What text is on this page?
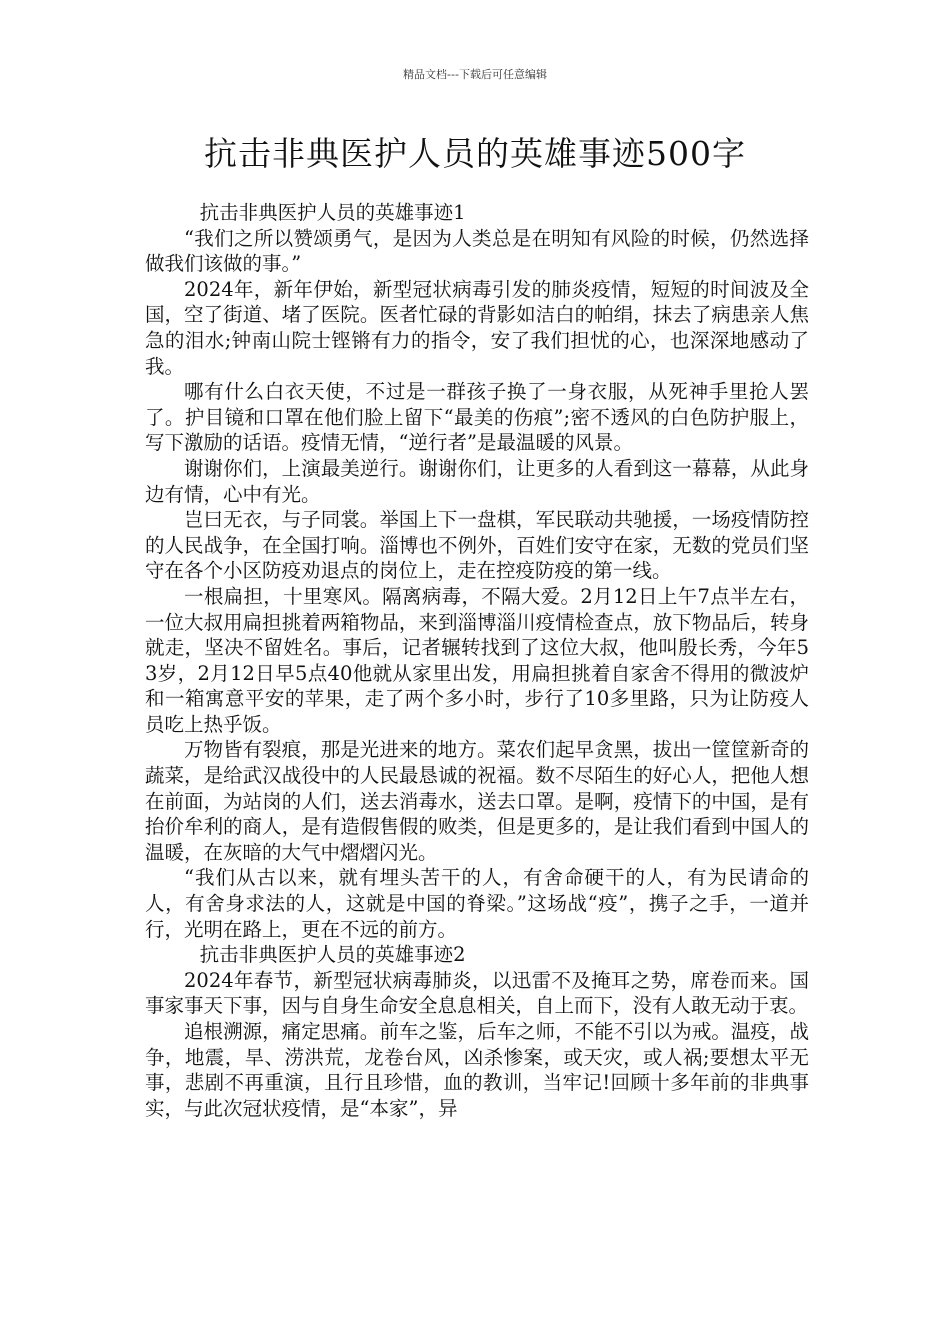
精品文档---下载后可任意编辑
抗击非典医护人员的英雄事迹500字

抗击非典医护人员的英雄事迹1

“我们之所以赞颂勇气，是因为人类总是在明知有风险的时候，仍然选择做我们该做的事。”

2024年，新年伊始，新型冠状病毒引发的肺炎疫情，短短的时间波及全国，空了街道、堵了医院。医者忙碌的背影如洁白的帕绢，抹去了病患亲人焦急的泪水;钟南山院士铿锵有力的指令，安了我们担忧的心，也深深地感动了我。

哪有什么白衣天使，不过是一群孩子换了一身衣服，从死神手里抢人罢了。护目镜和口罩在他们脸上留下“最美的伤痕”;密不透风的白色防护服上，写下激励的话语。疫情无情，“逆行者”是最温暖的风景。

谢谢你们，上演最美逆行。谢谢你们，让更多的人看到这一幕幕，从此身边有情，心中有光。

岂曰无衣，与子同裳。举国上下一盘棋，军民联动共驰援，一场疫情防控的人民战争，在全国打响。淄博也不例外，百姓们安守在家，无数的党员们坚守在各个小区防疫劝退点的岗位上，走在控疫防疫的第一线。

一根扁担，十里寒风。隔离病毒，不隔大爱。2月12日上午7点半左右，一位大叔用扁担挑着两箱物品，来到淄博淄川疫情检查点，放下物品后，转身就走，坚决不留姓名。事后，记者辗转找到了这位大叔，他叫殷长秀，今年53岁，2月12日早5点40他就从家里出发，用扁担挑着自家舍不得用的微波炉和一箱寓意平安的苹果，走了两个多小时，步行了10多里路，只为让防疫人员吃上热乎饭。

万物皆有裂痕，那是光进来的地方。菜农们起早贪黑，拔出一筐筐新奇的蔬菜，是给武汉战役中的人民最恳诚的祝福。数不尽陌生的好心人，把他人想在前面，为站岗的人们，送去消毒水，送去口罩。是啊，疫情下的中国，是有抬价牟利的商人，是有造假售假的败类，但是更多的，是让我们看到中国人的温暖，在灰暗的大气中熠熠闪光。

“我们从古以来，就有埋头苦干的人，有舍命硬干的人，有为民请命的人，有舍身求法的人，这就是中国的脊梁。”这场战“疫”，携子之手，一道并行，光明在路上，更在不远的前方。

抗击非典医护人员的英雄事迹2

2024年春节，新型冠状病毒肺炎，以迅雷不及掩耳之势，席卷而来。国事家事天下事，因与自身生命安全息息相关，自上而下，没有人敢无动于衷。

追根溯源，痛定思痛。前车之鉴，后车之师，不能不引以为戒。温疫，战争，地震，旱、涝洪荒，龙卷台风，凶杀惨案，或天灾，或人祸;要想太平无事，悲剧不再重演，且行且珍惜，血的教训，当牢记!回顾十多年前的非典事实，与此次冠状疫情，是“本家”，异
